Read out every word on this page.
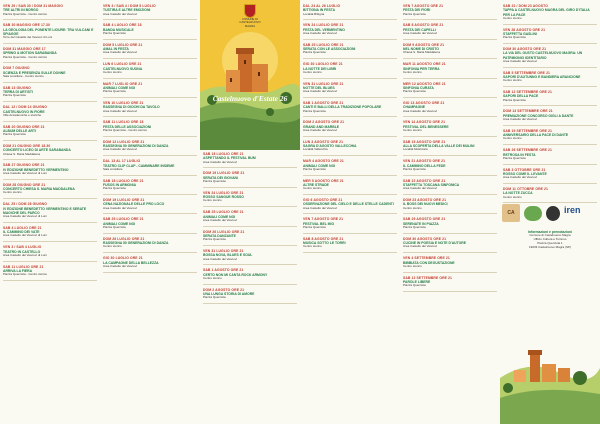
VEN 29 / SAB 30 / DOM 31 MAGGIO
TRE ALTRI IN BORGO
Piazza Querciola - Centro storico
SAB 30 MAGGIO ORE 17.30
LA GEOLOGIA DEL PONENTE LIGURE: TRA VULCANI E SPIAGGE
Torre del Castello dei Vescovi di Luni
DOM 31 MAGGIO ORE 17
SPRING & MOTION SARABANDA
Piazza Querciola - Centro storico
DOM 7 GIUGNO
SCIENZA E PRESENZA SULLE DONNE
Sala consiliare - Centro storico
SAB 13 GIUGNO
TERRA DI ARTISTI
Piazza Querciola
DAL 12 / DOM 14 GIUGNO
CASTELNUOVO IN FIORE
Ville Accademiche e storiche
SAB 20 GIUGNO ORE 21
ALBUM DELLE ARTI
Piazza Querciola
DOM 21 GIUGNO ORE 18.30
CONCERTO LICEO DI ARTE SARABANDA
Chiesa S. Maria Maddalena
SAB 27 GIUGNO ORE 21
IV EDIZIONE BENEDETTO VERMENTINO
Area Castello dei Vescovi di Luni
DOM 28 GIUGNO ORE 21
CONCERTO CHIESA S. MARIA MADDALENA
Centro storico
DAL 25 / DOM 28 GIUGNO
IV EDIZIONE BENEDETTO VERMENTINO E SERATE MAGICHE DEL PARCO
Area Castello dei Vescovi di Luni
SAB 4 LUGLIO ORE 21
IL CAMMINO DEI VATE
Area Castello dei Vescovi di Luni
VEN 3 / SAB 4 LUGLIO
TEATRO IN CASTELLO
Area Castello dei Vescovi di Luni
SAB 11 LUGLIO ORE 21
ARRIVA LA FIERA
Piazza Querciola - Centro storico
VEN 3 / SAB 4 / DOM 5 LUGLIO
TUSTIRA E ALTRE EMOZIONI
Area Castello dei Vescovi
SAB 4 LUGLIO ORE 18
BANDA MUSICALE
Piazza Querciola
DOM 5 LUGLIO ORE 21
AMAL IN FESTA
Area Castello dei Vescovi
LUN 6 LUGLIO ORE 21
CASTELNUOVO SUONA
Centro storico
MAR 7 LUGLIO ORE 21
ANIMALI COME NOI
Piazza Querciola
VEN 10 LUGLIO ORE 21
RASSEGNA DI GIOCHI DA TAVOLO
Area Castello dei Vescovi
SAB 11 LUGLIO ORE 18
FESTA DELLE ASSOCIAZIONI
Piazza Querciola - Centro storico
DOM 12 LUGLIO ORE 21
RASSEGNA 50 GENERAZIONI DI DANZA
Area Castello dei Vescovi
DAL 13 AL 17 LUGLIO
TEATRO CLIP CLAP - CAMMINARE INSIEME
Sala consiliare
SAB 18 LUGLIO ORE 21
FUSOS IN ARMONIA
Piazza Querciola
DOM 19 LUGLIO ORE 21
CENA NAZIONALE DELLE PRO LOCO
Area Castello dei Vescovi
SAB 25 LUGLIO ORE 21
ANIMALI COME NOI
Piazza Querciola
DOM 26 LUGLIO ORE 21
RASSEGNA 50 GENERAZIONI DI DANZA
Centro storico
GIO 30 LUGLIO ORE 21
LA CAMPAGNE DELLA BELLEZZA
Area Castello dei Vescovi
COMUNE DI CASTELNUOVO MAGRA
Castelnuovo d'Estate 26
SAB 18 LUGLIO ORE 21
ASPETTANDO IL FESTIVAL BUM
Area Castello dei Vescovi
DOM 19 LUGLIO ORE 21
SERATA DEI GIOVANI
Piazza Querciola
VEN 24 LUGLIO ORE 21
ROSSO SANGUE ROSSO
Centro storico
SAB 25 LUGLIO ORE 21
ANIMALI COME NOI
Area Castello dei Vescovi
DOM 26 LUGLIO ORE 21
SERATA DANZANTE
Piazza Querciola
VEN 31 LUGLIO ORE 21
BOSSA NOVA, BLUES E SOUL
Area Castello dei Vescovi
SAB 1 AGOSTO ORE 21
CERTO NON MI CANTA ROCK ARMONY
Centro storico
DOM 2 AGOSTO ORE 21
UNA LUNGA STORIA DI AMORE
Piazza Querciola
DAL 24 AL 26 LUGLIO
BITTIGNA IN FESTA
Località Bittigna
VEN 24 LUGLIO ORE 21
FESTA DEL VERMENTINO
Area Castello dei Vescovi
SAB 25 LUGLIO ORE 21
SERATA CON LE ASSOCIAZIONI
Piazza Querciola
GIO 30 LUGLIO ORE 21
LA NOTTE DEI LIBRI
Centro storico
VEN 31 LUGLIO ORE 21
NOTTE DEL BLUES
Area Castello dei Vescovi
SAB 1 AGOSTO ORE 21
CANTI E BALLI DELLA TRADIZIONE POPOLARE
Piazza Querciola
DOM 2 AGOSTO ORE 21
GRAND AND MARBLE
Area Castello dei Vescovi
LUN 3 AGOSTO ORE 21
SAGRA D'AGOSTO VALLECCHIA
Località Vallecchia
MAR 4 AGOSTO ORE 21
ANIMALI COME NOI
Piazza Querciola
MER 5 AGOSTO ORE 21
ALTRE STRADE
Centro storico
GIO 6 AGOSTO ORE 21
OSSERVAZIONE DEL CIELO E DELLE STELLE CADENTI
Area Castello dei Vescovi
VEN 7 AGOSTO ORE 21
FESTIVAL BEL MIO
Piazza Querciola
SAB 8 AGOSTO ORE 21
MUSICA SOTTO LE TORRI
Centro storico
VEN 7 AGOSTO ORE 21
FESTA DEI FIORI
Piazza Querciola
SAB 8 AGOSTO ORE 21
FESTA DEI CAPELLI
Area Castello dei Vescovi
DOM 9 AGOSTO ORE 21
NEL NOME DI CRISTO
Chiesa S. Maria Maddalena
MAR 11 AGOSTO ORE 21
SINFONIA PER TERRA
Centro storico
MER 12 AGOSTO ORE 21
SINFONIA CURATA
Piazza Querciola
GIO 13 AGOSTO ORE 21
CHAMPAGNE
Area Castello dei Vescovi
VEN 14 AGOSTO ORE 21
FESTIVAL DEL BENESSERE
Centro storico
SAB 15 AGOSTO ORE 21
ALLA SCOPERTA DELLA VALLE DEI MULINI
Località Molicciara
VEN 21 AGOSTO ORE 21
IL CAMMINO DELLA FEDE
Piazza Querciola
SAB 22 AGOSTO ORE 21
STAFFETTA TOSCANA SINFONICA
Area Castello dei Vescovi
DOM 23 AGOSTO ORE 21
IL BOSS DEI NUOVI MEDICI
Centro storico
SAB 29 AGOSTO ORE 21
SERENATE IN PIAZZA
Piazza Querciola
DOM 30 AGOSTO ORE 21
CUCINE IN POESIA E NOTE D'AUTORE
Area Castello dei Vescovi
VEN 4 SETTEMBRE ORE 21
BIBBIATA CON DEGUSTAZIONE
Centro storico
SAB 12 SETTEMBRE ORE 21
PAROLE LIBERE
Piazza Querciola
SAB 22 / DOM 23 AGOSTO
TAPPA A CASTELNUOVO MAGRA DEL GIRO D'ITALIA PER LA PACE
Centro storico
VEN 28 AGOSTO ORE 21
STAFFETTA GASLINI
Piazza Querciola
DOM 30 AGOSTO ORE 21
LA VIA DEL GUSTO CASTELNUOVO MAGRA: UN PATRIMONIO IDENTITARIO
Area Castello dei Vescovi
SAB 5 SETTEMBRE ORE 21
SAPORI D'AUTUNNO E BANDIERA ARANCIONE
Centro storico
SAB 12 SETTEMBRE ORE 21
SAPORI DELLA PACE
Piazza Querciola
DOM 13 SETTEMBRE ORE 21
PREMIAZIONE CONCORSO GIGLI A DANTE
Area Castello dei Vescovi
SAB 19 SETTEMBRE ORE 21
ANNIVERSARIO DELLA PACE DI DANTE
Centro storico
SAB 26 SETTEMBRE ORE 21
RETROSA IN FESTA
Piazza Querciola
SAB 3 OTTOBRE ORE 21
ROSSO COME IL LEVANTE
Area Castello dei Vescovi
DOM 11 OTTOBRE ORE 21
LA NOTTE ZUCCA
Centro storico
CA	iren
Informazioni e prenotazioni
Comune di Castelnuovo Magra
Ufficio Cultura e Turismo
Piazza Querciola 1
19033 Castelnuovo Magra (SP)
